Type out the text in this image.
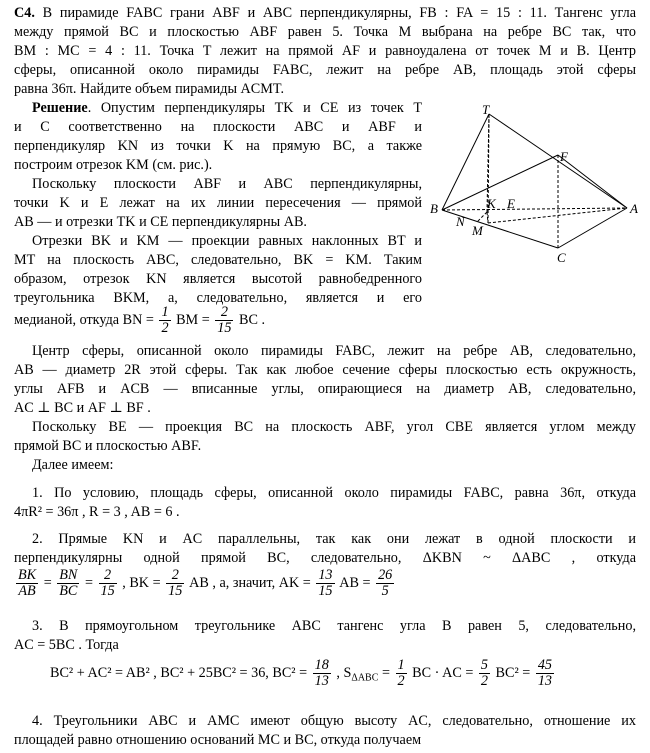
C4. В пирамиде FABC грани ABF и ABC перпендикулярны, FB : FA = 15 : 11. Тангенс угла
между прямой BC и плоскостью ABF равен 5. Точка M выбрана на ребре BC так, что
BM : MC = 4 : 11. Точка T лежит на прямой AF и равноудалена от точек M и B. Центр
сферы, описанной около пирамиды FABC, лежит на ребре AB, площадь этой сферы
равна 36π. Найдите объем пирамиды ACMT.
Решение. Опустим перпендикуляры TK и CE из точек T
и C соответственно на плоскости ABC и ABF и
перпендикуляр KN из точки K на прямую BC, а также
построим отрезок KM (см. рис.).
Поскольку плоскости ABF и ABC перпендикулярны,
точки K и E лежат на их линии пересечения — прямой
AB — и отрезки TK и CE перпендикулярны AB.
Отрезки BK и KM — проекции равных наклонных BT и
MT на плоскость ABC, следовательно, BK = KM. Таким
образом, отрезок KN является высотой равнобедренного
треугольника BKM, а, следовательно, является и его
медианой, откуда BN = $\frac{1}{2}$ BM = $\frac{2}{15}$ BC .
T
F
B	K E	A
N
M
C
Центр сферы, описанной около пирамиды FABC, лежит на ребре AB, следовательно,
AB — диаметр 2R этой сферы. Так как любое сечение сферы плоскостью есть окружность,
углы AFB и ACB — вписанные углы, опирающиеся на диаметр AB, следовательно,
AC ⊥ BC и AF ⊥ BF .
Поскольку BE — проекция BC на плоскость ABF, угол CBE является углом между
прямой BC и плоскостью ABF.
Далее имеем:
1. По условию, площадь сферы, описанной около пирамиды FABC, равна 36π, откуда
4πR² = 36π , R = 3 , AB = 6 .
2. Прямые KN и AC параллельны, так как они лежат в одной плоскости и
перпендикулярны одной прямой BC, следовательно, ΔKBN ~ ΔABC , откуда
$\frac{BK}{AB} = \frac{BN}{BC} = \frac{2}{15}$ , BK = $\frac{2}{15}$ AB , а, значит, AK = $\frac{13}{15}$ AB = $\frac{26}{5}$
3. В прямоугольном треугольнике ABC тангенс угла B равен 5, следовательно,
AC = 5BC . Тогда
BC² + AC² = AB² , BC² + 25BC² = 36, $BC^2 = \frac{18}{13}$ , $S_{\Delta ABC} = \frac{1}{2}$ BC · AC = $\frac{5}{2} BC^2 = \frac{45}{13}$
4. Треугольники ABC и AMC имеют общую высоту AC, следовательно, отношение их
площадей равно отношению оснований MC и BC, откуда получаем
